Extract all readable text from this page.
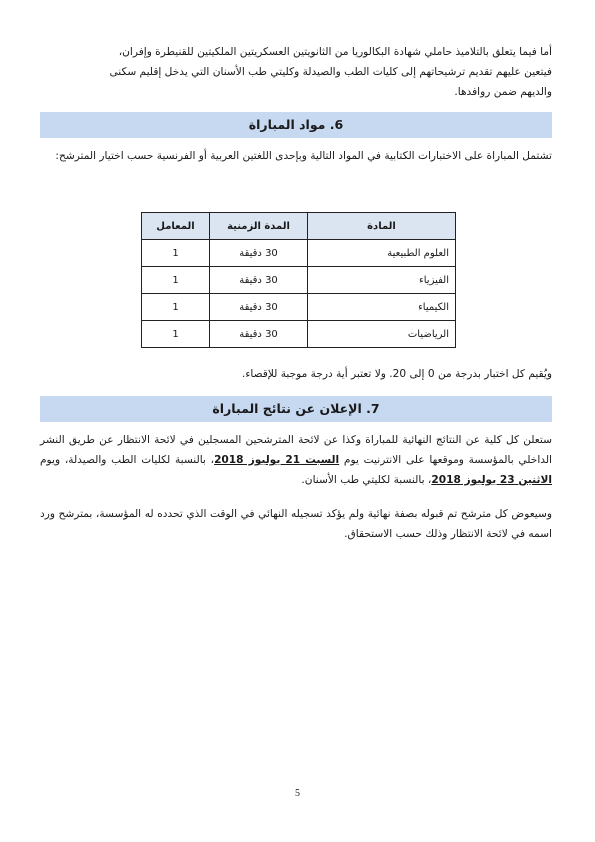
أما فيما يتعلق بالتلاميذ حاملي شهادة البكالوريا من الثانويتين العسكريتين الملكيتين للقنيطرة وإفران،

فيتعين عليهم تقديم ترشيحاتهم إلى كليات الطب والصيدلة وكليتي طب الأسنان التي يدخل إقليم سكنى

والديهم ضمن روافدها.

6. مواد المباراة
تشتمل المباراة على الاختبارات الكتابية في المواد التالية وبإحدى اللغتين العربية أو الفرنسية حسب اختيار المترشح:
المادة	المدة الزمنية	المعامل
العلوم الطبيعية	30 دقيقة	1
الفيزياء	30 دقيقة	1
الكيمياء	30 دقيقة	1
الرياضيات	30 دقيقة	1
ويُقيم كل اختبار بدرجة من 0 إلى 20. ولا تعتبر أية درجة موجبة للإقصاء.
7. الإعلان عن نتائج المباراة
ستعلن كل كلية عن النتائج النهائية للمباراة وكذا عن لائحة المترشحين المسجلين في لائحة الانتظار عن طريق النشر الداخلي بالمؤسسة وموقعها على الانترنيت يوم السبت 21 يوليوز 2018، بالنسبة لكليات الطب والصيدلة، ويوم الاثنين 23 يوليوز 2018، بالنسبة لكليتي طب الأسنان.
وسيعوض كل مترشح تم قبوله بصفة نهائية ولم يؤكد تسجيله النهائي في الوقت الذي تحدده له المؤسسة، بمترشح ورد اسمه في لائحة الانتظار وذلك حسب الاستحقاق.
5
